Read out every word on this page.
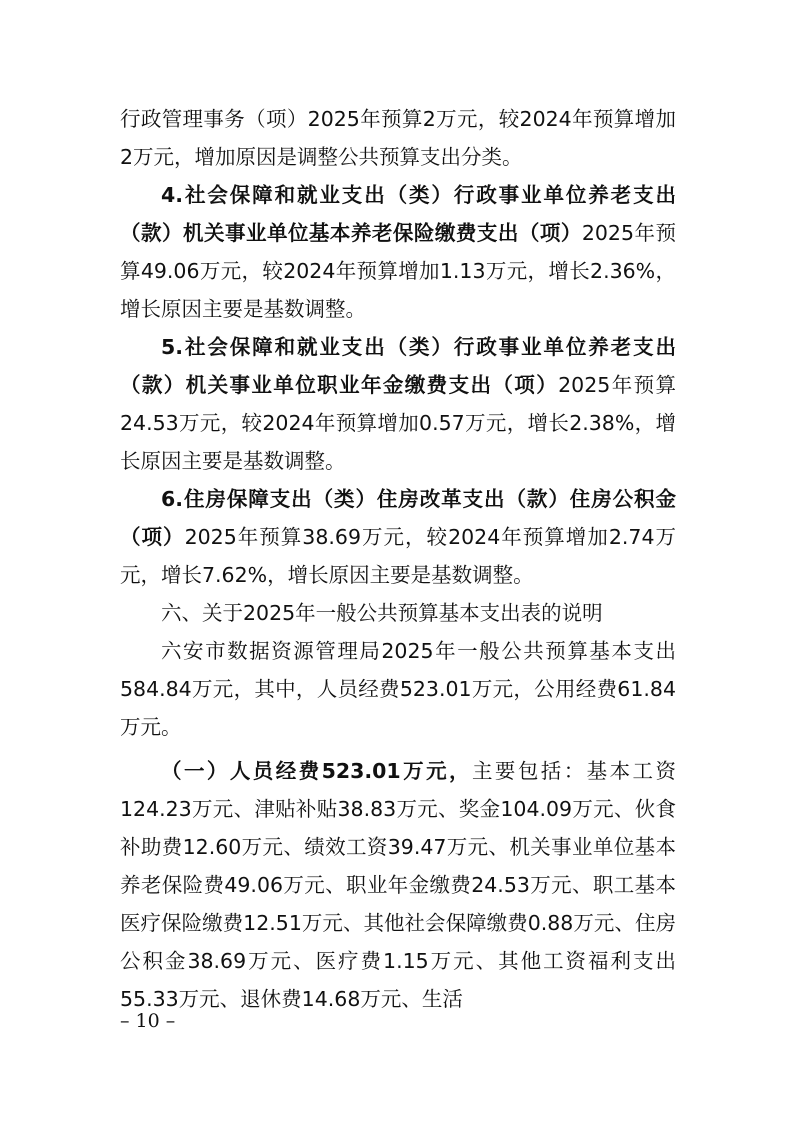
行政管理事务（项）2025年预算2万元，较2024年预算增加2万元，增加原因是调整公共预算支出分类。

4.社会保障和就业支出（类）行政事业单位养老支出（款）机关事业单位基本养老保险缴费支出（项）2025年预算49.06万元，较2024年预算增加1.13万元，增长2.36%，增长原因主要是基数调整。

5.社会保障和就业支出（类）行政事业单位养老支出（款）机关事业单位职业年金缴费支出（项）2025年预算24.53万元，较2024年预算增加0.57万元，增长2.38%，增长原因主要是基数调整。

6.住房保障支出（类）住房改革支出（款）住房公积金（项）2025年预算38.69万元，较2024年预算增加2.74万元，增长7.62%，增长原因主要是基数调整。

六、关于2025年一般公共预算基本支出表的说明

六安市数据资源管理局2025年一般公共预算基本支出584.84万元，其中，人员经费523.01万元，公用经费61.84万元。

（一）人员经费523.01万元，主要包括：基本工资124.23万元、津贴补贴38.83万元、奖金104.09万元、伙食补助费12.60万元、绩效工资39.47万元、机关事业单位基本养老保险费49.06万元、职业年金缴费24.53万元、职工基本医疗保险缴费12.51万元、其他社会保障缴费0.88万元、住房公积金38.69万元、医疗费1.15万元、其他工资福利支出55.33万元、退休费14.68万元、生活

– 10 –
